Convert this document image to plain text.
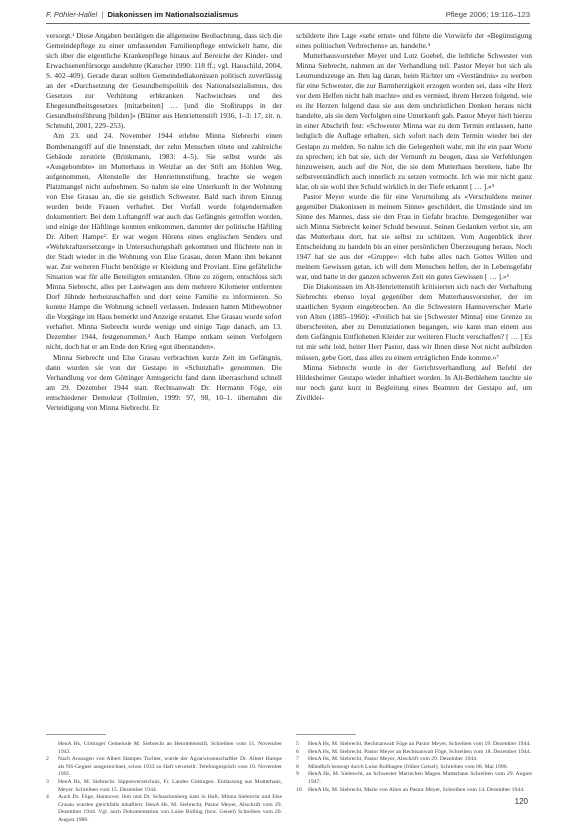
F. Pöhler-Hallel | Diakonissen im Nationalsozialismus	Pflege 2006; 19:116–123

versorgt.¹ Diese Angaben bestätigen die allgemeine Beobachtung, dass sich die Gemeindepflege zu einer umfassenden Familienpflege entwickelt hatte, die sich über die eigentliche Krankenpflege hinaus auf Bereiche der Kinder- und Erwachsenenfürsorge ausdehnte (Katscher 1990: 118 ff.; vgl. Hauschild, 2004, S. 402–409). Gerade daran sollten Gemeindediakonissen politisch zuverlässig an der «Durchsetzung der Gesundheitspolitik des Nationalsozialismus, des Gesetzes zur Verhütung erbkranken Nachwuchses und des Ehegesundheitsgesetzes [mitarbeiten] … [und die Stoßtrupps in der Gesundheitsführung [bilden]» (Blätter aus Henriettenstift 1936, 1–3: 17, zit. n. Schmuhl, 2001, 229–253).

Am 23. und 24. November 1944 erlebte Minna Siebrecht einen Bombenangriff auf die Innenstadt, der zehn Menschen tötete und zahlreiche Gebäude zerstörte (Brinkmann, 1983: 4–5). Sie selbst wurde als «Ausgebombte» im Mutterhaus in Wetzlar an der Stift am Hohlen Weg, aufgenommen, Altenstelle der Henriettenstiftung, brachte sie wegen Platzmangel nicht aufnehmen. So nahm sie eine Unterkunft in der Wohnung von Else Grasau an, die sie geistlich Schwester. Bald nach ihrem Einzug wurden beide Frauen verhaftet. Der Vorfall wurde folgendermaßen dokumentiert: Bei dem Luftangriff war auch das Gefängnis getroffen worden, und einige der Häftlinge konnten entkommen, darunter der politische Häftling Dr. Albert Hampe². Er war wegen Hörens eines englischen Senders und «Wehrkraftzersetzung» in Untersuchungshaft gekommen und flüchtete nun in der Stadt wieder in die Wohnung von Else Grasau, deren Mann ihm bekannt war. Zur weiteren Flucht benötigte er Kleidung und Proviant. Eine gefährliche Situation war für alle Beteiligten entstanden. Ohne zu zögern, entschloss sich Minna Siebrecht, alles per Lastwagen aus dem mehrere Kilometer entfernten Dorf Jühnde herbeizuschaffen und dort seine Familie zu informieren. So konnte Hampe die Wohnung schnell verlassen. Indessen hatten Mitbewohner die Vorgänge im Haus bemerkt und Anzeige erstattet. Else Grasau wurde sofort verhaftet. Minna Siebrecht wurde wenige und einige Tage danach, am 13. Dezember 1944, festgenommen.³ Auch Hampe entkam seinen Verfolgern nicht, doch hat er am Ende den Krieg «gut überstanden».

Minna Siebrecht und Else Grasau verbrachten kurze Zeit im Gefängnis, dann wurden sie von der Gestapo in «Schutzhaft» genommen. Die Verhandlung vor dem Göttinger Amtsgericht fand dann überraschend schnell am 29. Dezember 1944 statt. Rechtsanwalt Dr. Hermann Föge, ein entschiedener Demokrat (Tollmien, 1999: 97, 98, 10–1. übernahm die Verteidigung von Minna Siebrecht. Er

schilderte ihre Lage «sehr ernst» und führte die Vorwürfe der «Begünstigung eines politischen Verbrechens» an. handelte.⁴

Mutterhausvorsteher Meyer und Lutz Goebel, die leibliche Schwester von Minna Siebrecht, nahmen an der Verhandlung teil. Pastor Meyer bot sich als Leumundszeuge an. Ihm lag daran, beim Richter um «Verständnis» zu werben für eine Schwester, die zur Barmherzigkeit erzogen worden sei, dass «ihr Herz vor dem Helfen nicht halt machte» und es vermied, ihrem Herzen folgend, wie es ihr Herzen folgend dass sie aus dem unchristlichen Denken heraus nicht handelte, als sie dem Verfolgten eine Unterkunft gab. Pastor Meyer hielt hierzu in einer Abschrift fest: «Schwester Minna war zu dem Termin entlassen, hatte lediglich die Auflage erhalten, sich sofort nach dem Termin wieder bei der Gestapo zu melden. So nahte ich die Gelegenheit wahr, mit ihr ein paar Worte zu sprechen; ich bat sie, sich der Vernunft zu beugen, dass sie Verfehlungen hinzuweisen, auch auf die Not, die sie dem Mutterhaus bereitete, habe Ihr selbstverständlich auch innerlich zu setzen vermocht. Ich wie mir nicht ganz klar, ob sie wohl ihre Schuld wirklich in der Tiefe erkannt [ … ].»⁵

Pastor Meyer wurde die für eine Verurteilung als «Verschuldens meiner gegenüber Diakonissen in meinem Sinne» geschildert, die Umstände sind im Sinne des Mannes, dass sie den Frau in Gefahr brachte. Demgegenüber war sich Minna Siebrecht keiner Schuld bewusst. Seinen Gedanken verbot sie, am das Mutterhaus dort, hat sie selbst zu schützen. Vom Augenblick ihrer Entscheidung zu handeln bis an einer persönlichen Überzeugung heraus. Noch 1947 hat sie aus der «Gruppe»: «Ich habe alles nach Gottes Willen und meinem Gewissen getan, ich will dem Menschen helfen, der in Lebensgefahr war, und hatte in der ganzen schweren Zeit ein gutes Gewissen [ … ].»⁶

Die Diakonissen im Alt-Henriettenstift kritisierten sich nach der Verhaftung Siebrechts ebenso loyal gegenüber dem Mutterhausvorsteher, der im staatlichen System eingebrochen. An die Schwestern Hannoverscher Marie von Alten (1885–1960): «Freilich hat sie [Schwester Minna] eine Grenze zu überschreiten, aber zu Denunziationen begangen, wie kann man einem aus dem Gefängnis Entflohenen Kleider zur weiteren Flucht verschaffen? [ … ] Es tut mir sehr leid, heiter Herr Pastor, dass wir Ihnen diese Not nicht aufbürden müssen, gebe Gott, dass alles zu einem erträglichen Ende komme.»⁷

Minna Siebrecht wurde in der Gerichtsverhandlung auf Befehl der Hildesheimer Gestapo wieder inhaftiert worden. In Alt-Bethlehem tauchte sie nur noch ganz kurz in Begleitung eines Beamten der Gestapo auf, um Zivilklei-

HenA Hs, Göttinger Gemeinde M. Siebrecht an Henriettenstift, Schreiben vom 15. November 1943.
2	Nach Aussagen von Albert Hampes Tochter, wurde der Agrarwissenschaftler Dr. Albert Hampe als NS-Gegner ausgezeichnet, schon 1933 zu Haft verurteilt. Telefongespräch vom 10. November 1995.
3	HenA Hs, M. Siebrecht. Sippenverzeichnis, Fr. Landes Göttingen. Entlassung aus Mutterhaus, Meyer. Schreiben vom 15. Dezember 1944.
4	Auch Dr. Föge, Hannover. Ihm und Dr. Schnackenberg kam in Haft, Minna Siebrecht und Else Grasau wurden gleichfalls inhaftiert. HenA Hs, M. Siebrecht, Pastor Meyer, Abschrift vom 29. Dezember 1944. Vgl. auch Dokumentation von Luise Bolling (bzw. Geisel) Schreiben vom 20. August 1980.
5	HenA Hs, M. Siebrecht, Rechtsanwalt Föge an Pastor Meyer, Schreiben vom 19. Dezember 1944.
6	HenA Hs, M. Siebrecht. Pastor Meyer an Rechtsanwalt Föge, Schreiben vom 18. Dezember 1944.
7	HenA Hs, M. Siebrecht, Pastor Meyer, Abschrift vom 29. Dezember 1944.
8	Mündlich bezeugt durch Luise Rollhagen (früher Geisel), Schreiben vom 08. Mai 1996.
9	HenA Hs, M. Siebrecht, an Schwester Mariechen Magen Mutterhaus Schreiben vom 29. August 1947.
10	HenA Hs, M. Siebrecht, Marie von Alten an Pastor Meyer, Schreiben vom 14. Dezember 1944.
120
